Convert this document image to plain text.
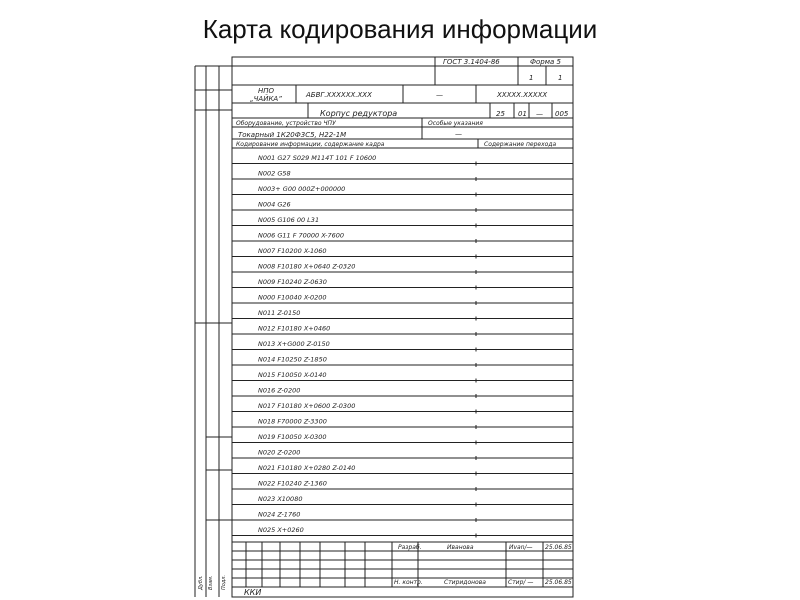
Карта кодирования информации
ГОСТ 3.1404-86	Форма 5
1	1
НПО
„ЧАЙКА”	АБВГ.ХХХХХХ.ХХХ	—	ХХХХХ.ХХХХХ
Корпус редуктора	25 01 — 005
Оборудование, устройство ЧПУ	Особые указания
Токарный 1К20Ф3С5, Н22-1М	—
Кодирование информации, содержание кадра	Содержание перехода
N001 G27 S029 M114T 101 F 10600
N002 G58
N003+ G00 000Z+000000
N004 G26
N005 G106 00 L31
N006 G11 F 70000 X-7600
N007 F10200 X-1060
N008 F10180 X+0640 Z-0320
N009 F10240 Z-0630
N000 F10040 X-0200
N011 Z-0150
N012 F10180 X+0460
N013 X+G000 Z-0150
N014 F10250 Z-1850
N015 F10050 X-0140
N016 Z-0200
N017 F10180 X+0600 Z-0300
N018 F70000 Z-3300
N019 F10050 X-0300
N020 Z-0200
N021 F10180 X+0280 Z-0140
N022 F10240 Z-1360
N023 X10080
N024 Z-1760
N025 X+0260
Разраб.	Иванова	Иvan/— 25.06.85
Н. контр.	Стиридонова	Стир/ — 25.06.85
Дубл. Взам. Подл.
ККИ
